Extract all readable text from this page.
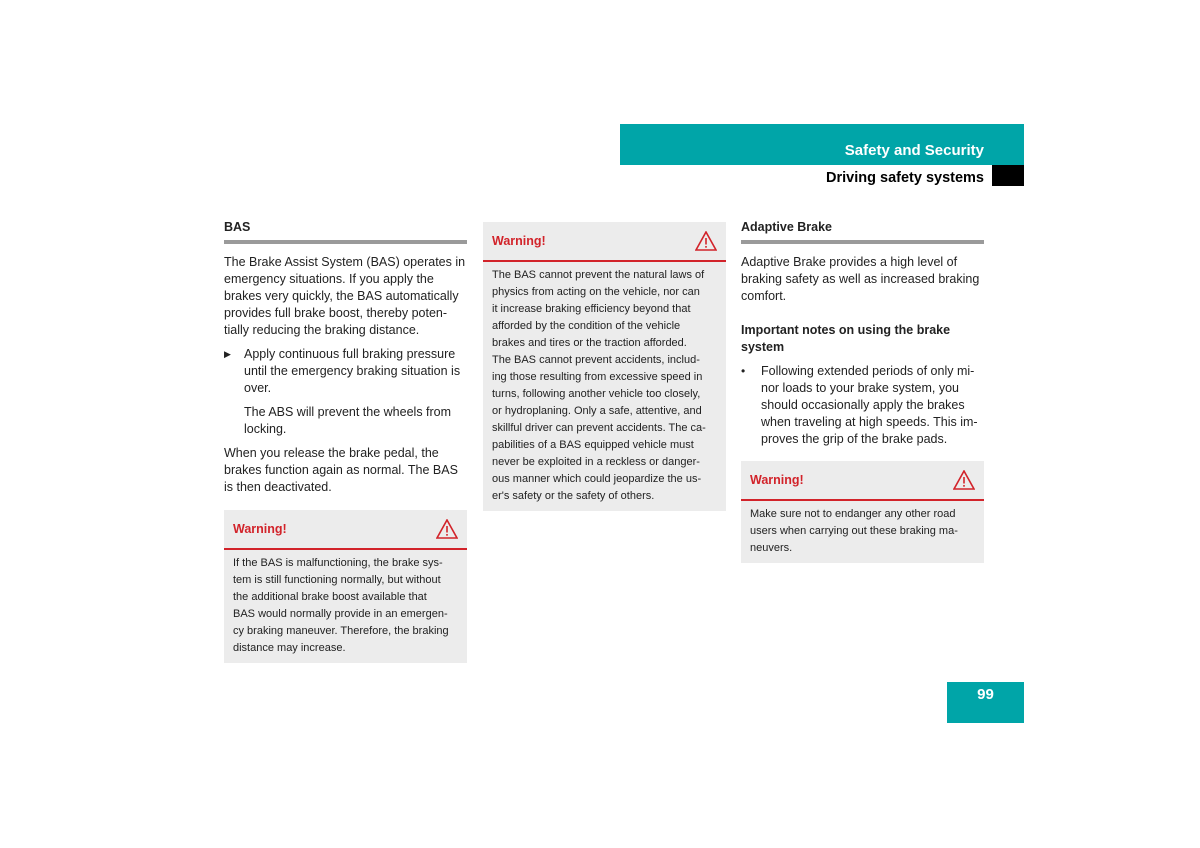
Safety and Security
Driving safety systems
BAS

The Brake Assist System (BAS) operates in
emergency situations. If you apply the
brakes very quickly, the BAS automatically
provides full brake boost, thereby poten-
tially reducing the braking distance.

▶	Apply continuous full braking pressure
until the emergency braking situation is
over.

The ABS will prevent the wheels from
locking.

When you release the brake pedal, the
brakes function again as normal. The BAS
is then deactivated.

Warning!
If the BAS is malfunctioning, the brake sys-
tem is still functioning normally, but without
the additional brake boost available that
BAS would normally provide in an emergen-
cy braking maneuver. Therefore, the braking
distance may increase.
Warning!
The BAS cannot prevent the natural laws of
physics from acting on the vehicle, nor can
it increase braking efficiency beyond that
afforded by the condition of the vehicle
brakes and tires or the traction afforded.
The BAS cannot prevent accidents, includ-
ing those resulting from excessive speed in
turns, following another vehicle too closely,
or hydroplaning. Only a safe, attentive, and
skillful driver can prevent accidents. The ca-
pabilities of a BAS equipped vehicle must
never be exploited in a reckless or danger-
ous manner which could jeopardize the us-
er's safety or the safety of others.
Adaptive Brake

Adaptive Brake provides a high level of
braking safety as well as increased braking
comfort.

Important notes on using the brake
system

•	Following extended periods of only mi-
nor loads to your brake system, you
should occasionally apply the brakes
when traveling at high speeds. This im-
proves the grip of the brake pads.

Warning!
Make sure not to endanger any other road
users when carrying out these braking ma-
neuvers.
99
